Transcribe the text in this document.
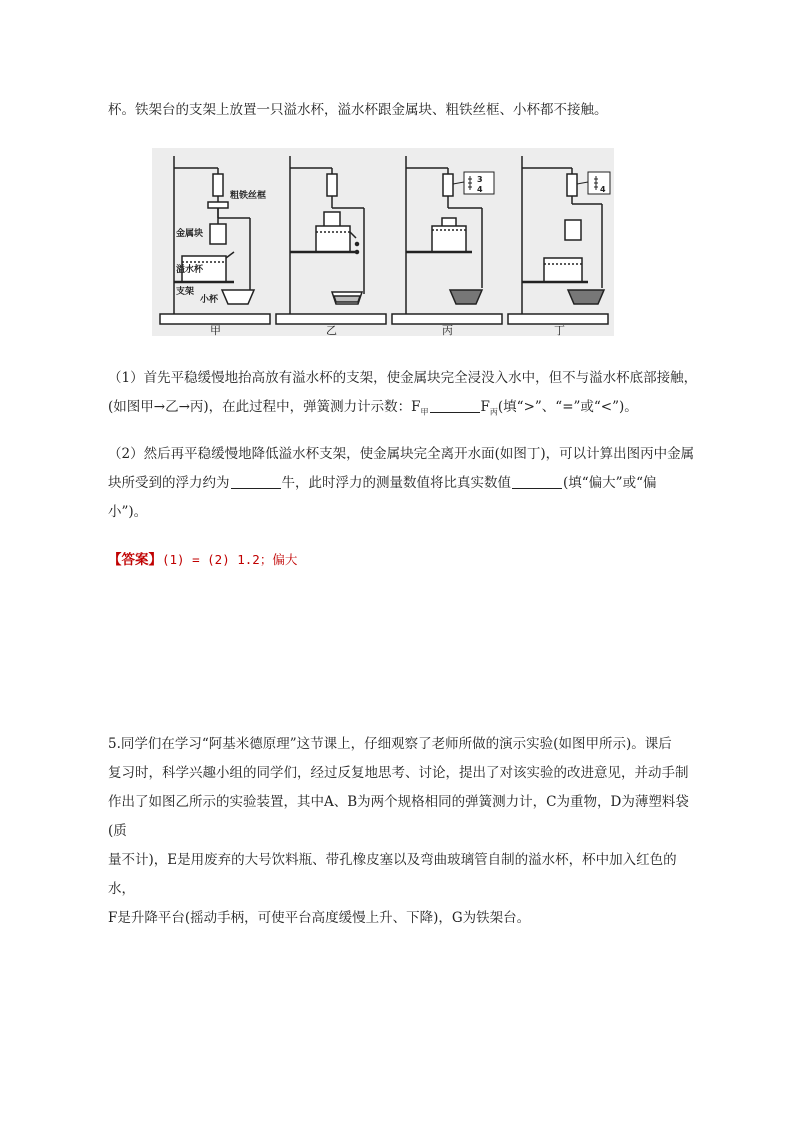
杯。铁架台的支架上放置一只溢水杯，溢水杯跟金属块、粗铁丝框、小杯都不接触。
粗铁丝框
金属块
溢水杯
支架
小杯
3
4	4
甲	乙	丙	丁
（1）首先平稳缓慢地抬高放有溢水杯的支架，使金属块完全浸没入水中，但不与溢水杯底部接触，
(如图甲→乙→丙)，在此过程中，弹簧测力计示数：$F_甲$	$F_丙$(填“>”、“=”或“<”)。
（2）然后再平稳缓慢地降低溢水杯支架，使金属块完全离开水面(如图丁)，可以计算出图丙中金属
块所受到的浮力约为	牛，此时浮力的测量数值将比真实数值	(填“偏大”或“偏
小”)。
【答案】(1) = (2) 1.2；偏大
5.同学们在学习“阿基米德原理”这节课上，仔细观察了老师所做的演示实验(如图甲所示)。课后
复习时，科学兴趣小组的同学们，经过反复地思考、讨论，提出了对该实验的改进意见，并动手制
作出了如图乙所示的实验装置，其中A、B为两个规格相同的弹簧测力计，C为重物，D为薄塑料袋(质
量不计)，E是用废弃的大号饮料瓶、带孔橡皮塞以及弯曲玻璃管自制的溢水杯，杯中加入红色的水，
F是升降平台(摇动手柄，可使平台高度缓慢上升、下降)，G为铁架台。
